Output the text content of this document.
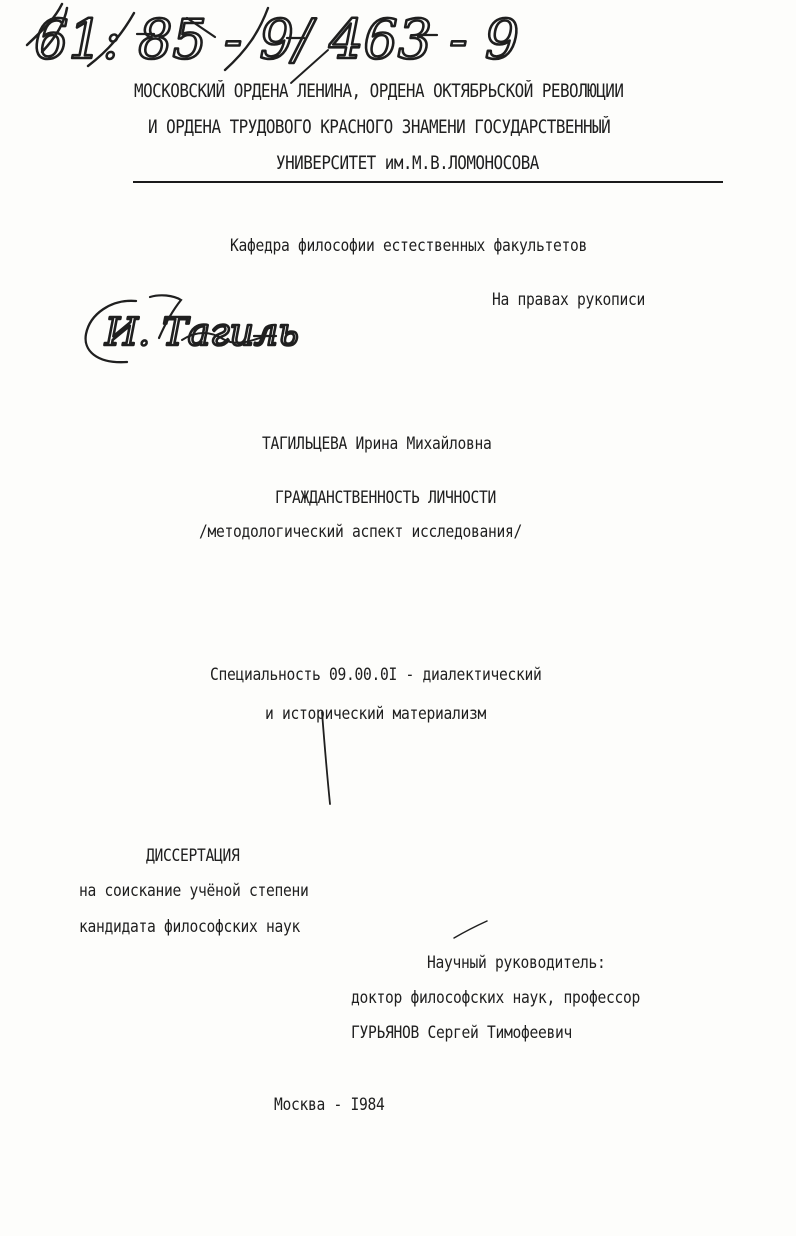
61: 85 - 9/ 463 - 9
МОСКОВСКИЙ ОРДЕНА ЛЕНИНА, ОРДЕНА ОКТЯБРЬСКОЙ РЕВОЛЮЦИИ
И ОРДЕНА ТРУДОВОГО КРАСНОГО ЗНАМЕНИ ГОСУДАРСТВЕННЫЙ
УНИВЕРСИТЕТ им.М.В.ЛОМОНОСОВА
Кафедра философии естественных факультетов
На правах рукописи
И. Тагиль
ТАГИЛЬЦЕВА Ирина Михайловна
ГРАЖДАНСТВЕННОСТЬ ЛИЧНОСТИ
/методологический аспект исследования/
Специальность 09.00.0I - диалектический
и исторический материализм
ДИССЕРТАЦИЯ
на соискание учёной степени
кандидата философских наук
Научный руководитель:
доктор философских наук, профессор
ГУРЬЯНОВ Сергей Тимофеевич
Москва - I984
